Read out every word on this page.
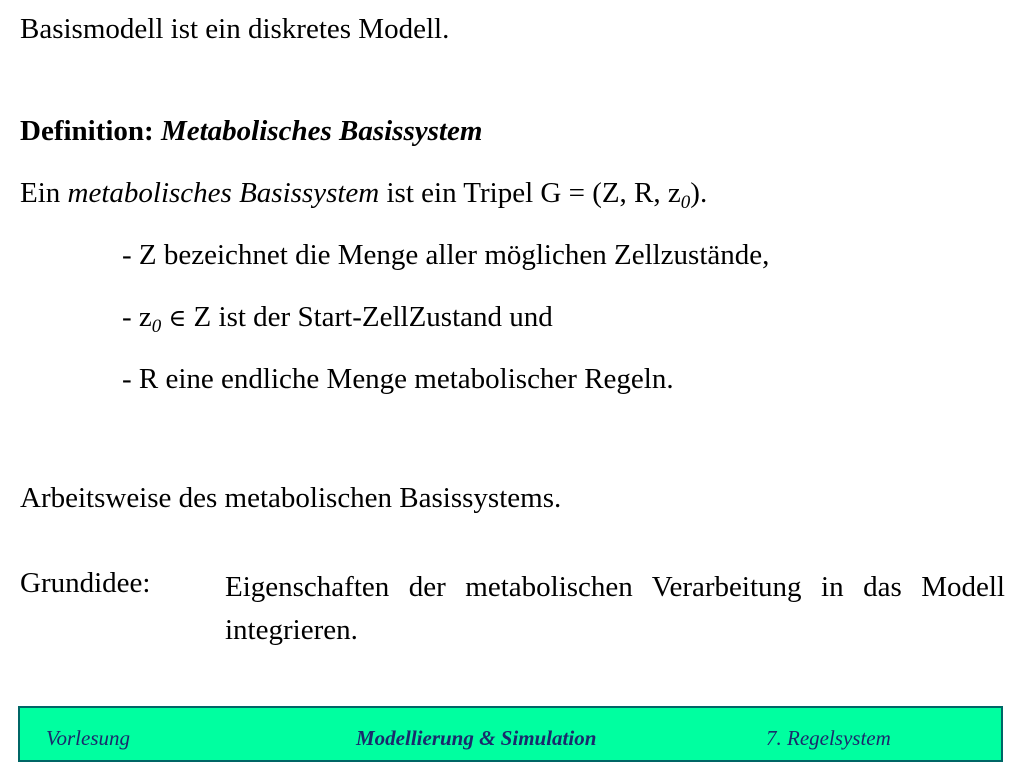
Basismodell ist ein diskretes Modell.
Definition: Metabolisches Basissystem
Ein metabolisches Basissystem ist ein Tripel G = (Z, R, $z_0$).
- Z bezeichnet die Menge aller möglichen Zellzustände,
- $z_0$ ∈ Z ist der Start-ZellZustand und
- R eine endliche Menge metabolischer Regeln.
Arbeitsweise des metabolischen Basissystems.
Grundidee:	Eigenschaften der metabolischen Verarbeitung in das Modell integrieren.
Vorlesung	Modellierung & Simulation	7. Regelsystem
